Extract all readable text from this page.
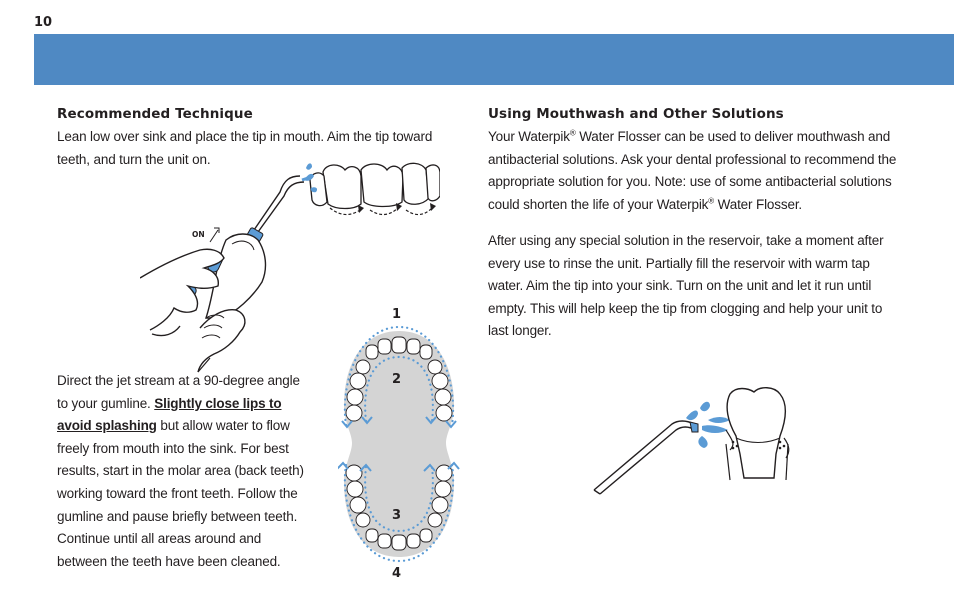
10
Recommended Technique

Lean low over sink and place the tip in mouth. Aim the tip toward teeth, and turn the unit on.

ON

Direct the jet stream at a 90-degree angle to your gumline. Slightly close lips to avoid splashing but allow water to flow freely from mouth into the sink. For best results, start in the molar area (back teeth) working toward the front teeth. Follow the gumline and pause briefly between teeth. Continue until all areas around and between the teeth have been cleaned.

1
2
3
4
Using Mouthwash and Other Solutions

Your Waterpik® Water Flosser can be used to deliver mouthwash and antibacterial solutions. Ask your dental professional to recommend the appropriate solution for you. Note: use of some antibacterial solutions could shorten the life of your Waterpik® Water Flosser.

After using any special solution in the reservoir, take a moment after every use to rinse the unit. Partially fill the reservoir with warm tap water. Aim the tip into your sink. Turn on the unit and let it run until empty. This will help keep the tip from clogging and help your unit to last longer.
